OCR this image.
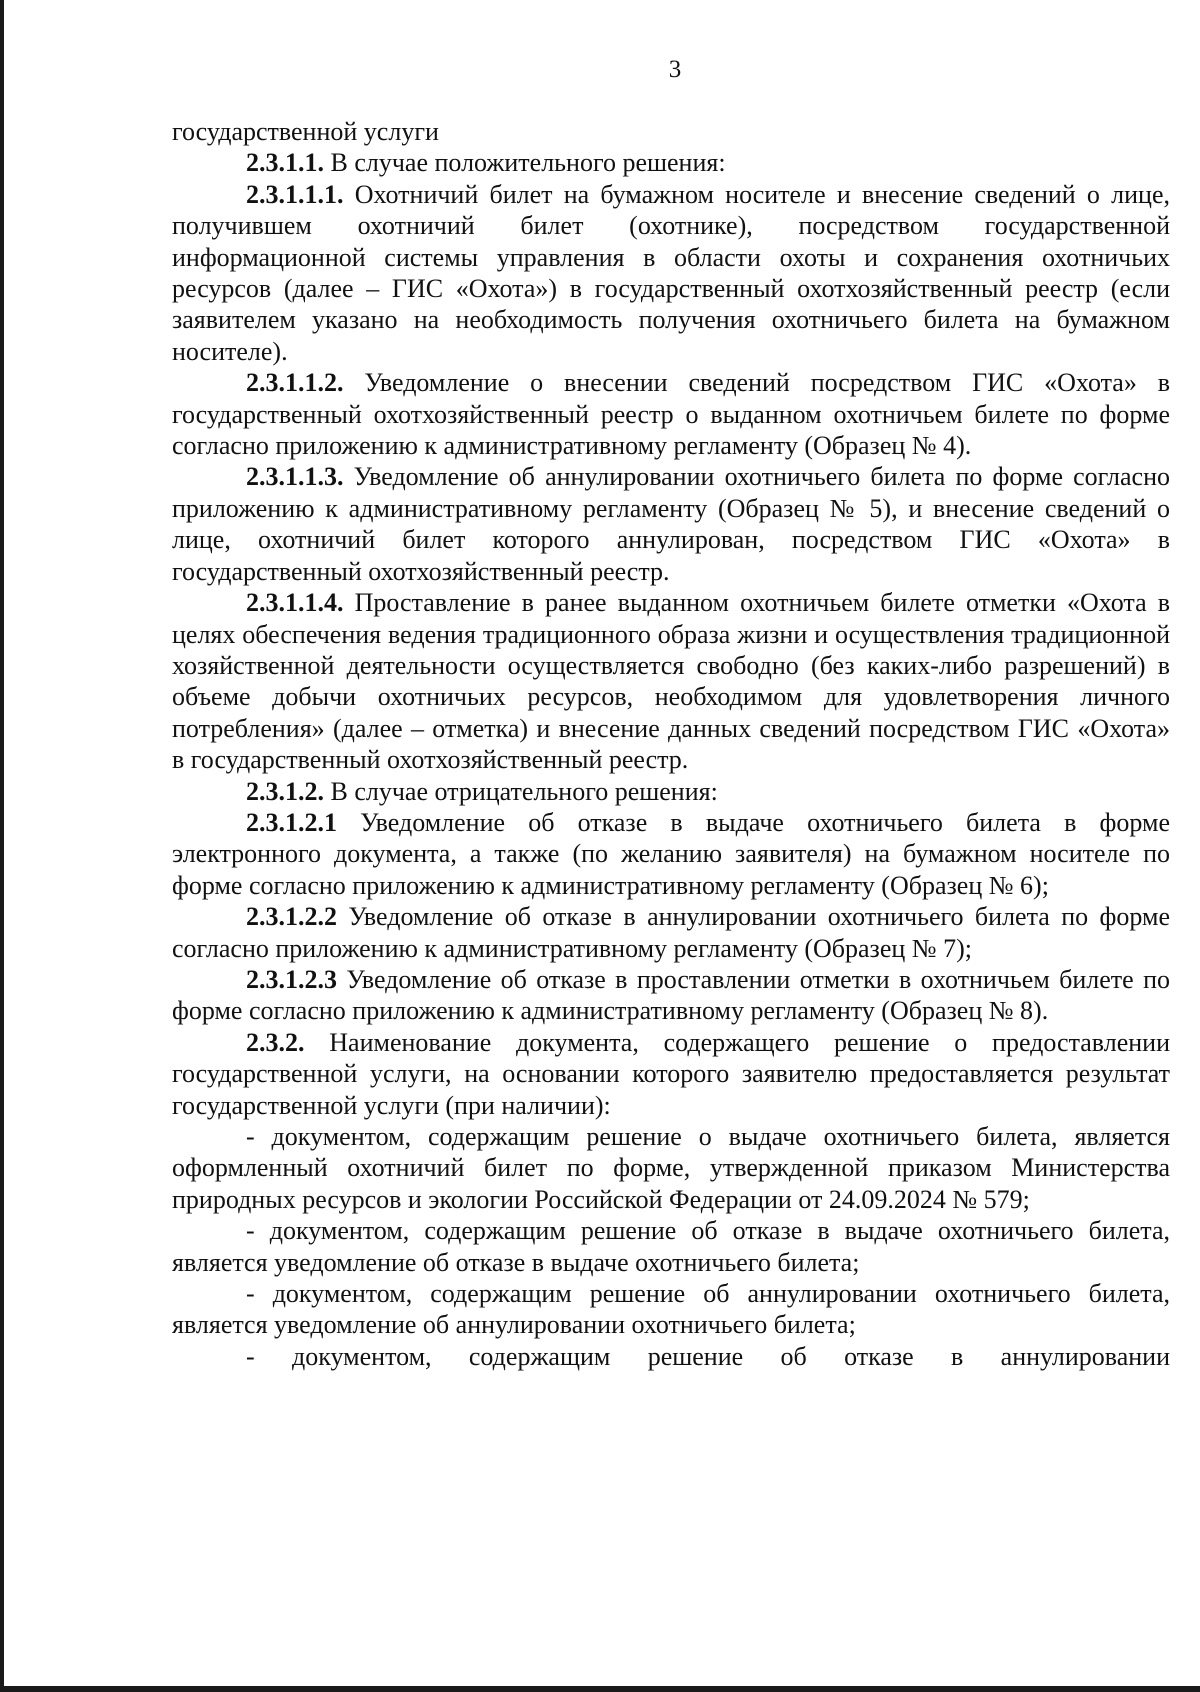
3

государственной услуги

2.3.1.1. В случае положительного решения:

2.3.1.1.1. Охотничий билет на бумажном носителе и внесение сведений о лице, получившем охотничий билет (охотнике), посредством государственной информационной системы управления в области охоты и сохранения охотничьих ресурсов (далее – ГИС «Охота») в государственный охотхозяйственный реестр (если заявителем указано на необходимость получения охотничьего билета на бумажном носителе).

2.3.1.1.2. Уведомление о внесении сведений посредством ГИС «Охота» в государственный охотхозяйственный реестр о выданном охотничьем билете по форме согласно приложению к административному регламенту (Образец № 4).

2.3.1.1.3. Уведомление об аннулировании охотничьего билета по форме согласно приложению к административному регламенту (Образец № 5), и внесение сведений о лице, охотничий билет которого аннулирован, посредством ГИС «Охота» в государственный охотхозяйственный реестр.

2.3.1.1.4. Проставление в ранее выданном охотничьем билете отметки «Охота в целях обеспечения ведения традиционного образа жизни и осуществления традиционной хозяйственной деятельности осуществляется свободно (без каких-либо разрешений) в объеме добычи охотничьих ресурсов, необходимом для удовлетворения личного потребления» (далее – отметка) и внесение данных сведений посредством ГИС «Охота» в государственный охотхозяйственный реестр.

2.3.1.2. В случае отрицательного решения:

2.3.1.2.1 Уведомление об отказе в выдаче охотничьего билета в форме электронного документа, а также (по желанию заявителя) на бумажном носителе по форме согласно приложению к административному регламенту (Образец № 6);

2.3.1.2.2 Уведомление об отказе в аннулировании охотничьего билета по форме согласно приложению к административному регламенту (Образец № 7);

2.3.1.2.3 Уведомление об отказе в проставлении отметки в охотничьем билете по форме согласно приложению к административному регламенту (Образец № 8).

2.3.2. Наименование документа, содержащего решение о предоставлении государственной услуги, на основании которого заявителю предоставляется результат государственной услуги (при наличии):

- документом, содержащим решение о выдаче охотничьего билета, является оформленный охотничий билет по форме, утвержденной приказом Министерства природных ресурсов и экологии Российской Федерации от 24.09.2024 № 579;

- документом, содержащим решение об отказе в выдаче охотничьего билета, является уведомление об отказе в выдаче охотничьего билета;

- документом, содержащим решение об аннулировании охотничьего билета, является уведомление об аннулировании охотничьего билета;

- документом, содержащим решение об отказе в аннулировании
